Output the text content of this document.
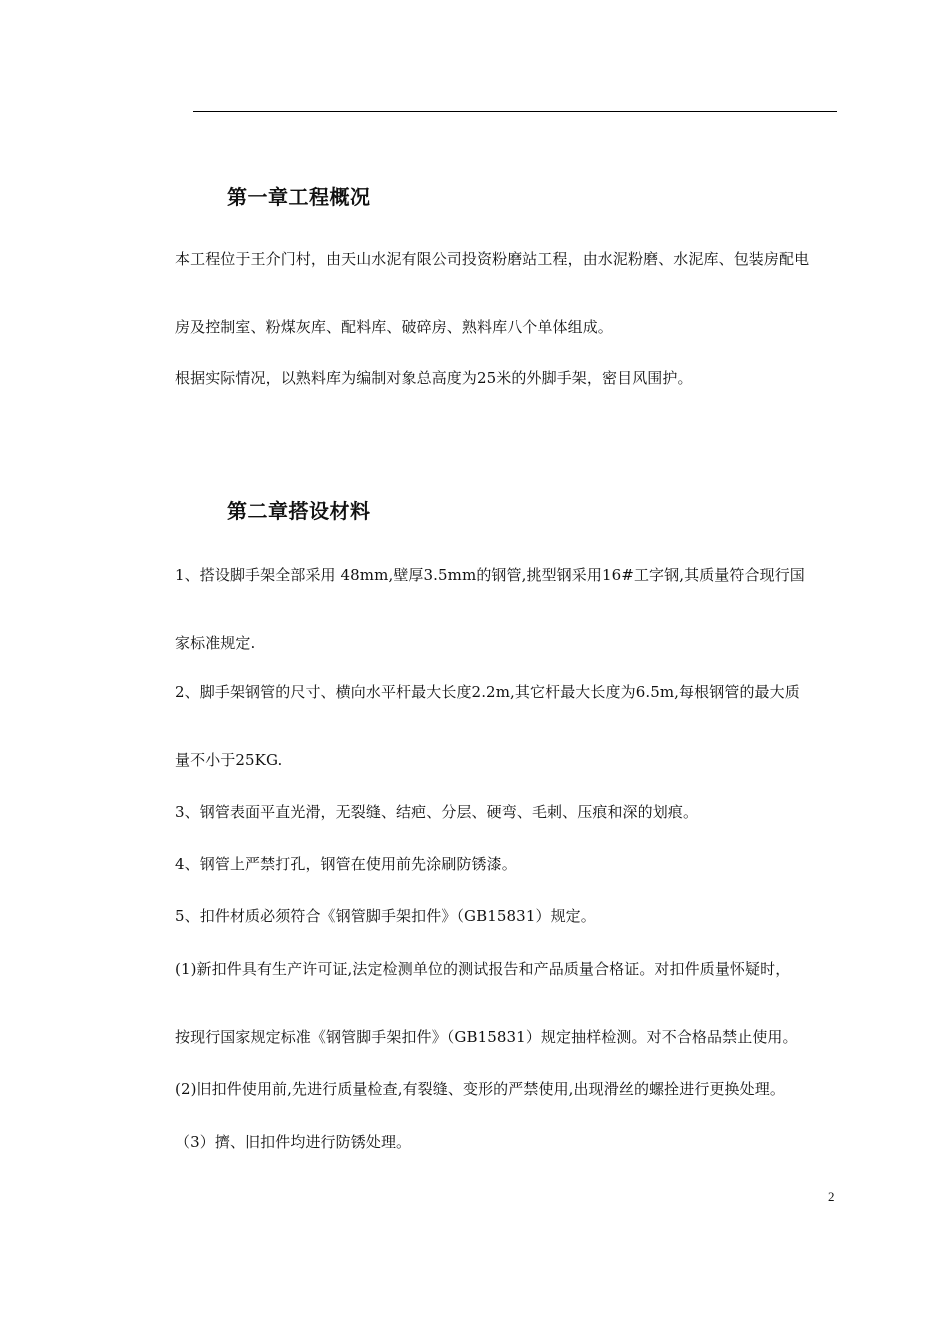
第一章工程概况
本工程位于王介门村，由天山水泥有限公司投资粉磨站工程，由水泥粉磨、水泥库、包装房配电
房及控制室、粉煤灰库、配料库、破碎房、熟料库八个单体组成。
根据实际情况，以熟料库为编制对象总高度为25米的外脚手架，密目风围护。
第二章搭设材料
1、搭设脚手架全部采用 48mm,壁厚3.5mm的钢管,挑型钢采用16#工字钢,其质量符合现行国
家标准规定.
2、脚手架钢管的尺寸、横向水平杆最大长度2.2m,其它杆最大长度为6.5m,每根钢管的最大质
量不小于25KG.
3、钢管表面平直光滑，无裂缝、结疤、分层、硬弯、毛刺、压痕和深的划痕。
4、钢管上严禁打孔，钢管在使用前先涂刷防锈漆。
5、扣件材质必须符合《钢管脚手架扣件》（GB15831）规定。
(1)新扣件具有生产许可证,法定检测单位的测试报告和产品质量合格证。对扣件质量怀疑时，
按现行国家规定标准《钢管脚手架扣件》（GB15831）规定抽样检测。对不合格品禁止使用。
(2)旧扣件使用前,先进行质量检查,有裂缝、变形的严禁使用,出现滑丝的螺拴进行更换处理。
（3）擠、旧扣件均进行防锈处理。
2
